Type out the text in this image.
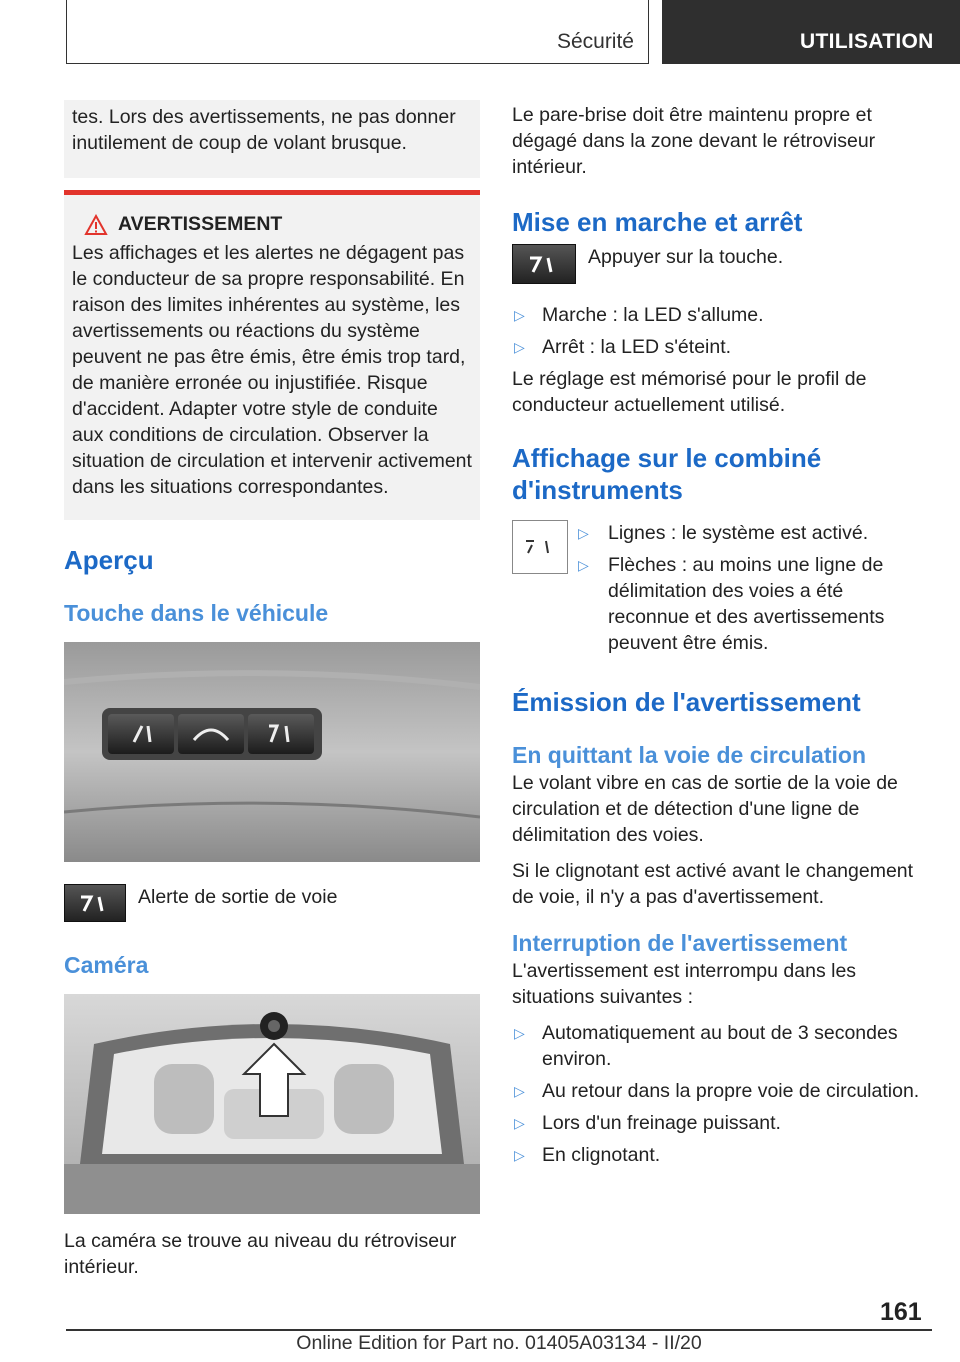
Sécurité	UTILISATION

tes. Lors des avertissements, ne pas donner inutilement de coup de volant brusque.

AVERTISSEMENT

Les affichages et les alertes ne dégagent pas le conducteur de sa propre responsabilité. En raison des limites inhérentes au système, les avertissements ou réactions du système peuvent ne pas être émis, être émis trop tard, de manière erronée ou injustifiée. Risque d'accident. Adapter votre style de conduite aux conditions de circulation. Observer la situation de circulation et intervenir activement dans les situations correspondantes.

Aperçu
Touche dans le véhicule
Alerte de sortie de voie
Caméra

La caméra se trouve au niveau du rétroviseur intérieur.

Le pare-brise doit être maintenu propre et dégagé dans la zone devant le rétroviseur intérieur.

Mise en marche et arrêt
Appuyer sur la touche.
▷ Marche : la LED s'allume.
▷ Arrêt : la LED s'éteint.

Le réglage est mémorisé pour le profil de conducteur actuellement utilisé.

Affichage sur le combiné d'instruments
▷ Lignes : le système est activé.
▷ Flèches : au moins une ligne de délimitation des voies a été reconnue et des avertissements peuvent être émis.
Émission de l'avertissement
En quittant la voie de circulation

Le volant vibre en cas de sortie de la voie de circulation et de détection d'une ligne de délimitation des voies.

Si le clignotant est activé avant le changement de voie, il n'y a pas d'avertissement.

Interruption de l'avertissement

L'avertissement est interrompu dans les situations suivantes :

▷ Automatiquement au bout de 3 secondes environ.
▷ Au retour dans la propre voie de circulation.
▷ Lors d'un freinage puissant.
▷ En clignotant.
161
Online Edition for Part no. 01405A03134 - II/20
